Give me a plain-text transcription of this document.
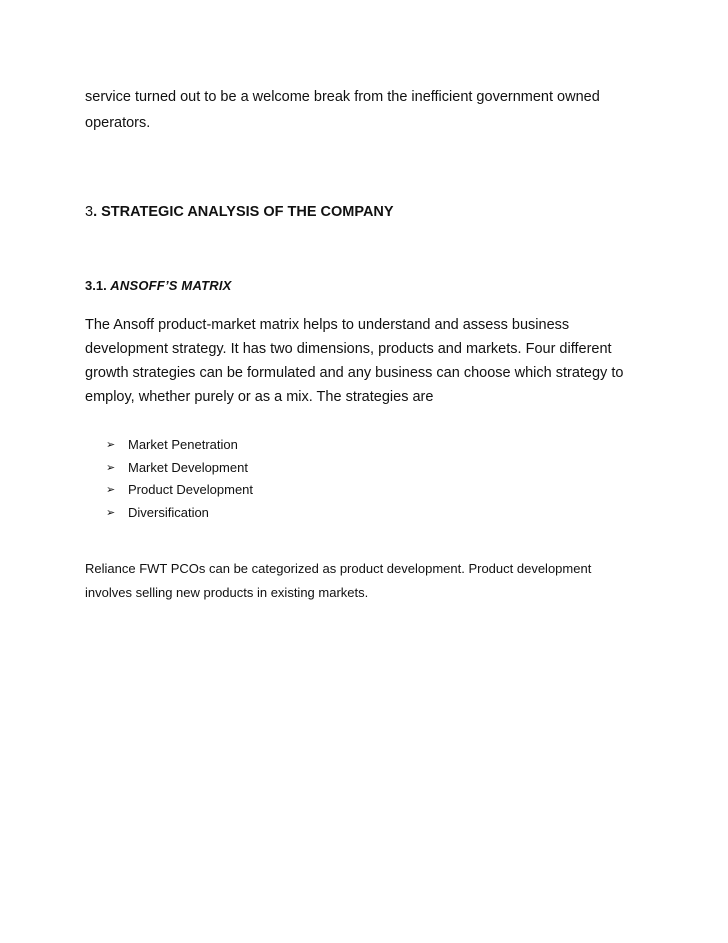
service turned out to be a welcome break from the inefficient government owned
operators.

3. STRATEGIC ANALYSIS OF THE COMPANY
3.1. ANSOFF’S MATRIX

The Ansoff product-market matrix helps to understand and assess business
development strategy. It has two dimensions, products and markets. Four different
growth strategies can be formulated and any business can choose which strategy to
employ, whether purely or as a mix. The strategies are

➢ Market Penetration
➢ Market Development
➢ Product Development
➢ Diversification

Reliance FWT PCOs can be categorized as product development. Product development
involves selling new products in existing markets.
